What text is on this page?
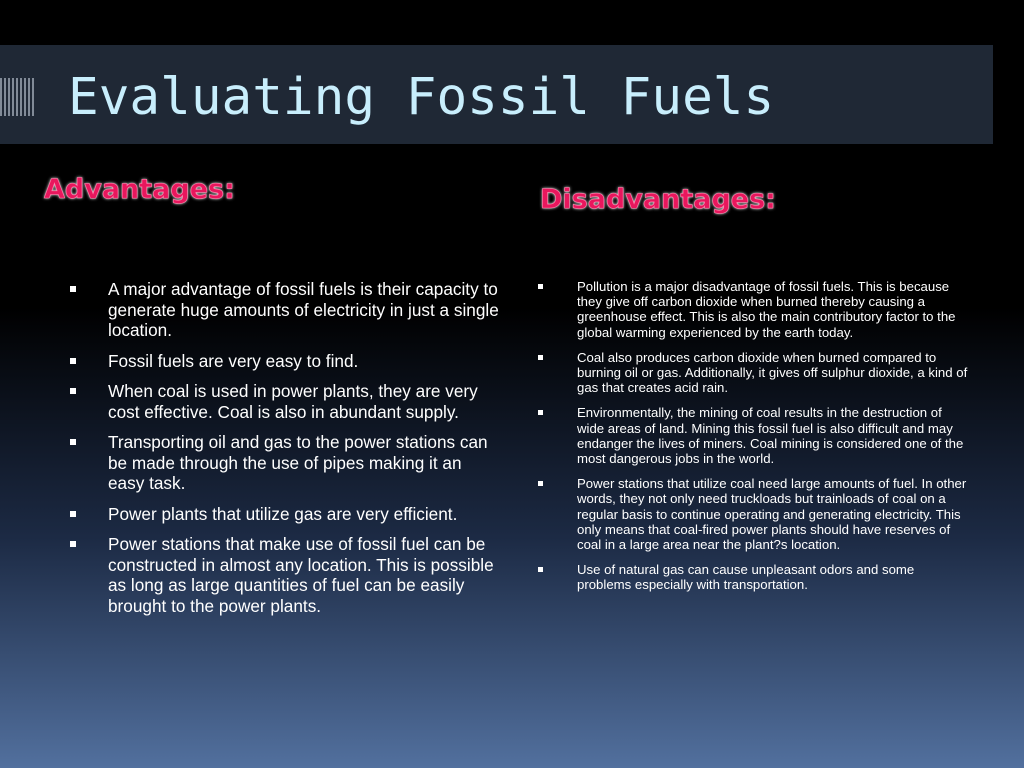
Evaluating Fossil Fuels
Advantages:	Disadvantages:
A major advantage of fossil fuels is their capacity to generate huge amounts of electricity in just a single location.
Fossil fuels are very easy to find.
When coal is used in power plants, they are very cost effective. Coal is also in abundant supply.
Transporting oil and gas to the power stations can be made through the use of pipes making it an easy task.
Power plants that utilize gas are very efficient.
Power stations that make use of fossil fuel can be constructed in almost any location. This is possible as long as large quantities of fuel can be easily brought to the power plants.
Pollution is a major disadvantage of fossil fuels. This is because they give off carbon dioxide when burned thereby causing a greenhouse effect. This is also the main contributory factor to the global warming experienced by the earth today.
Coal also produces carbon dioxide when burned compared to burning oil or gas. Additionally, it gives off sulphur dioxide, a kind of gas that creates acid rain.
Environmentally, the mining of coal results in the destruction of wide areas of land. Mining this fossil fuel is also difficult and may endanger the lives of miners. Coal mining is considered one of the most dangerous jobs in the world.
Power stations that utilize coal need large amounts of fuel. In other words, they not only need truckloads but trainloads of coal on a regular basis to continue operating and generating electricity. This only means that coal-fired power plants should have reserves of coal in a large area near the plant?s location.
Use of natural gas can cause unpleasant odors and some problems especially with transportation.
